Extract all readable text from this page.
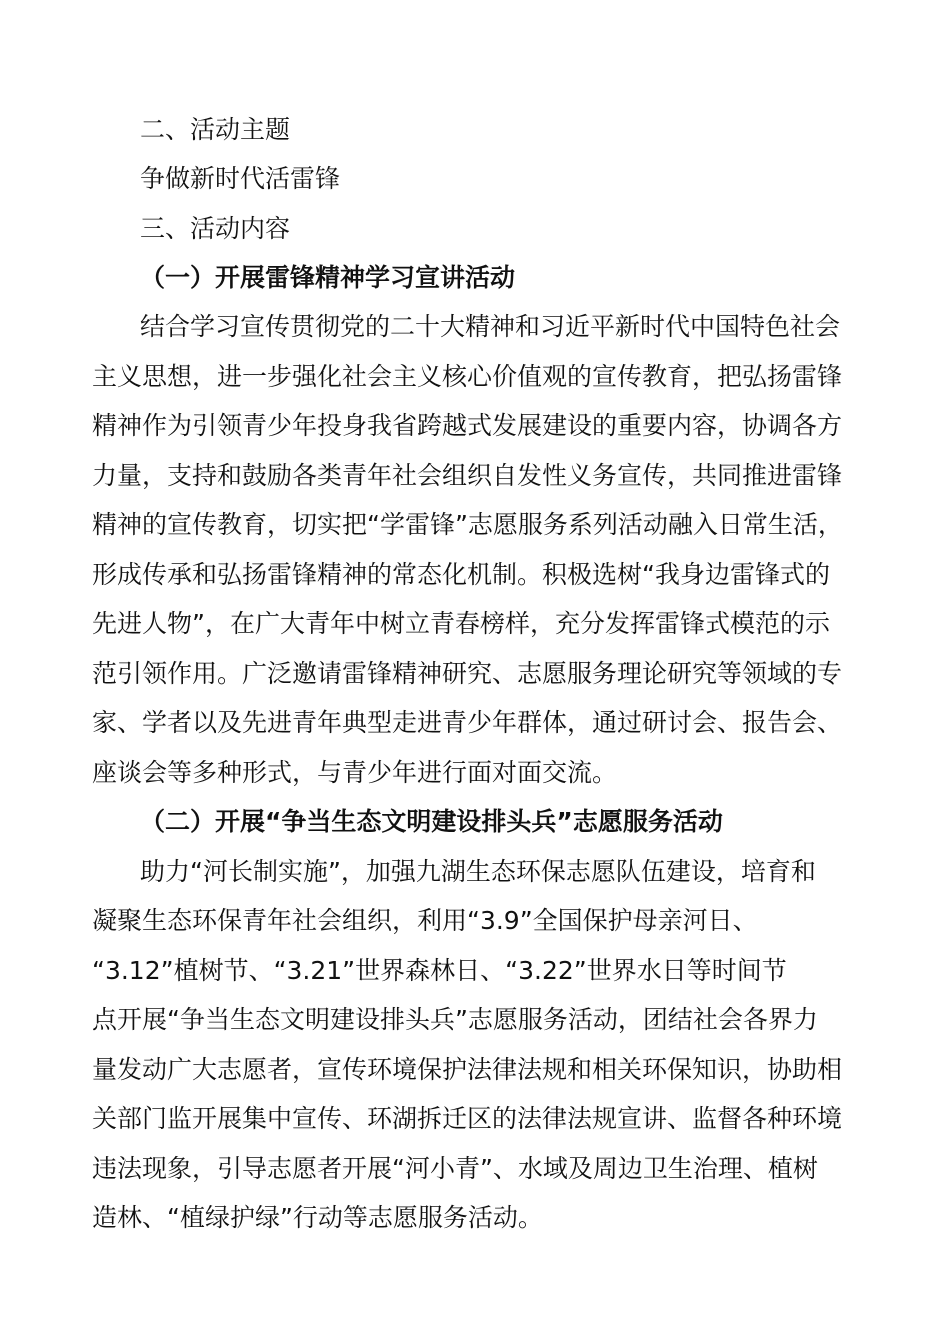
二、活动主题
争做新时代活雷锋
三、活动内容
（一）开展雷锋精神学习宣讲活动
结合学习宣传贯彻党的二十大精神和习近平新时代中国特色社会
主义思想，进一步强化社会主义核心价值观的宣传教育，把弘扬雷锋
精神作为引领青少年投身我省跨越式发展建设的重要内容，协调各方
力量，支持和鼓励各类青年社会组织自发性义务宣传，共同推进雷锋
精神的宣传教育，切实把“学雷锋”志愿服务系列活动融入日常生活，
形成传承和弘扬雷锋精神的常态化机制。积极选树“我身边雷锋式的
先进人物”，在广大青年中树立青春榜样，充分发挥雷锋式模范的示
范引领作用。广泛邀请雷锋精神研究、志愿服务理论研究等领域的专
家、学者以及先进青年典型走进青少年群体，通过研讨会、报告会、
座谈会等多种形式，与青少年进行面对面交流。
（二）开展“争当生态文明建设排头兵”志愿服务活动
助力“河长制实施”，加强九湖生态环保志愿队伍建设，培育和
凝聚生态环保青年社会组织，利用“3.9”全国保护母亲河日、
“3.12”植树节、“3.21”世界森林日、“3.22”世界水日等时间节
点开展“争当生态文明建设排头兵”志愿服务活动，团结社会各界力
量发动广大志愿者，宣传环境保护法律法规和相关环保知识，协助相
关部门监开展集中宣传、环湖拆迁区的法律法规宣讲、监督各种环境
违法现象，引导志愿者开展“河小青”、水域及周边卫生治理、植树
造林、“植绿护绿”行动等志愿服务活动。
